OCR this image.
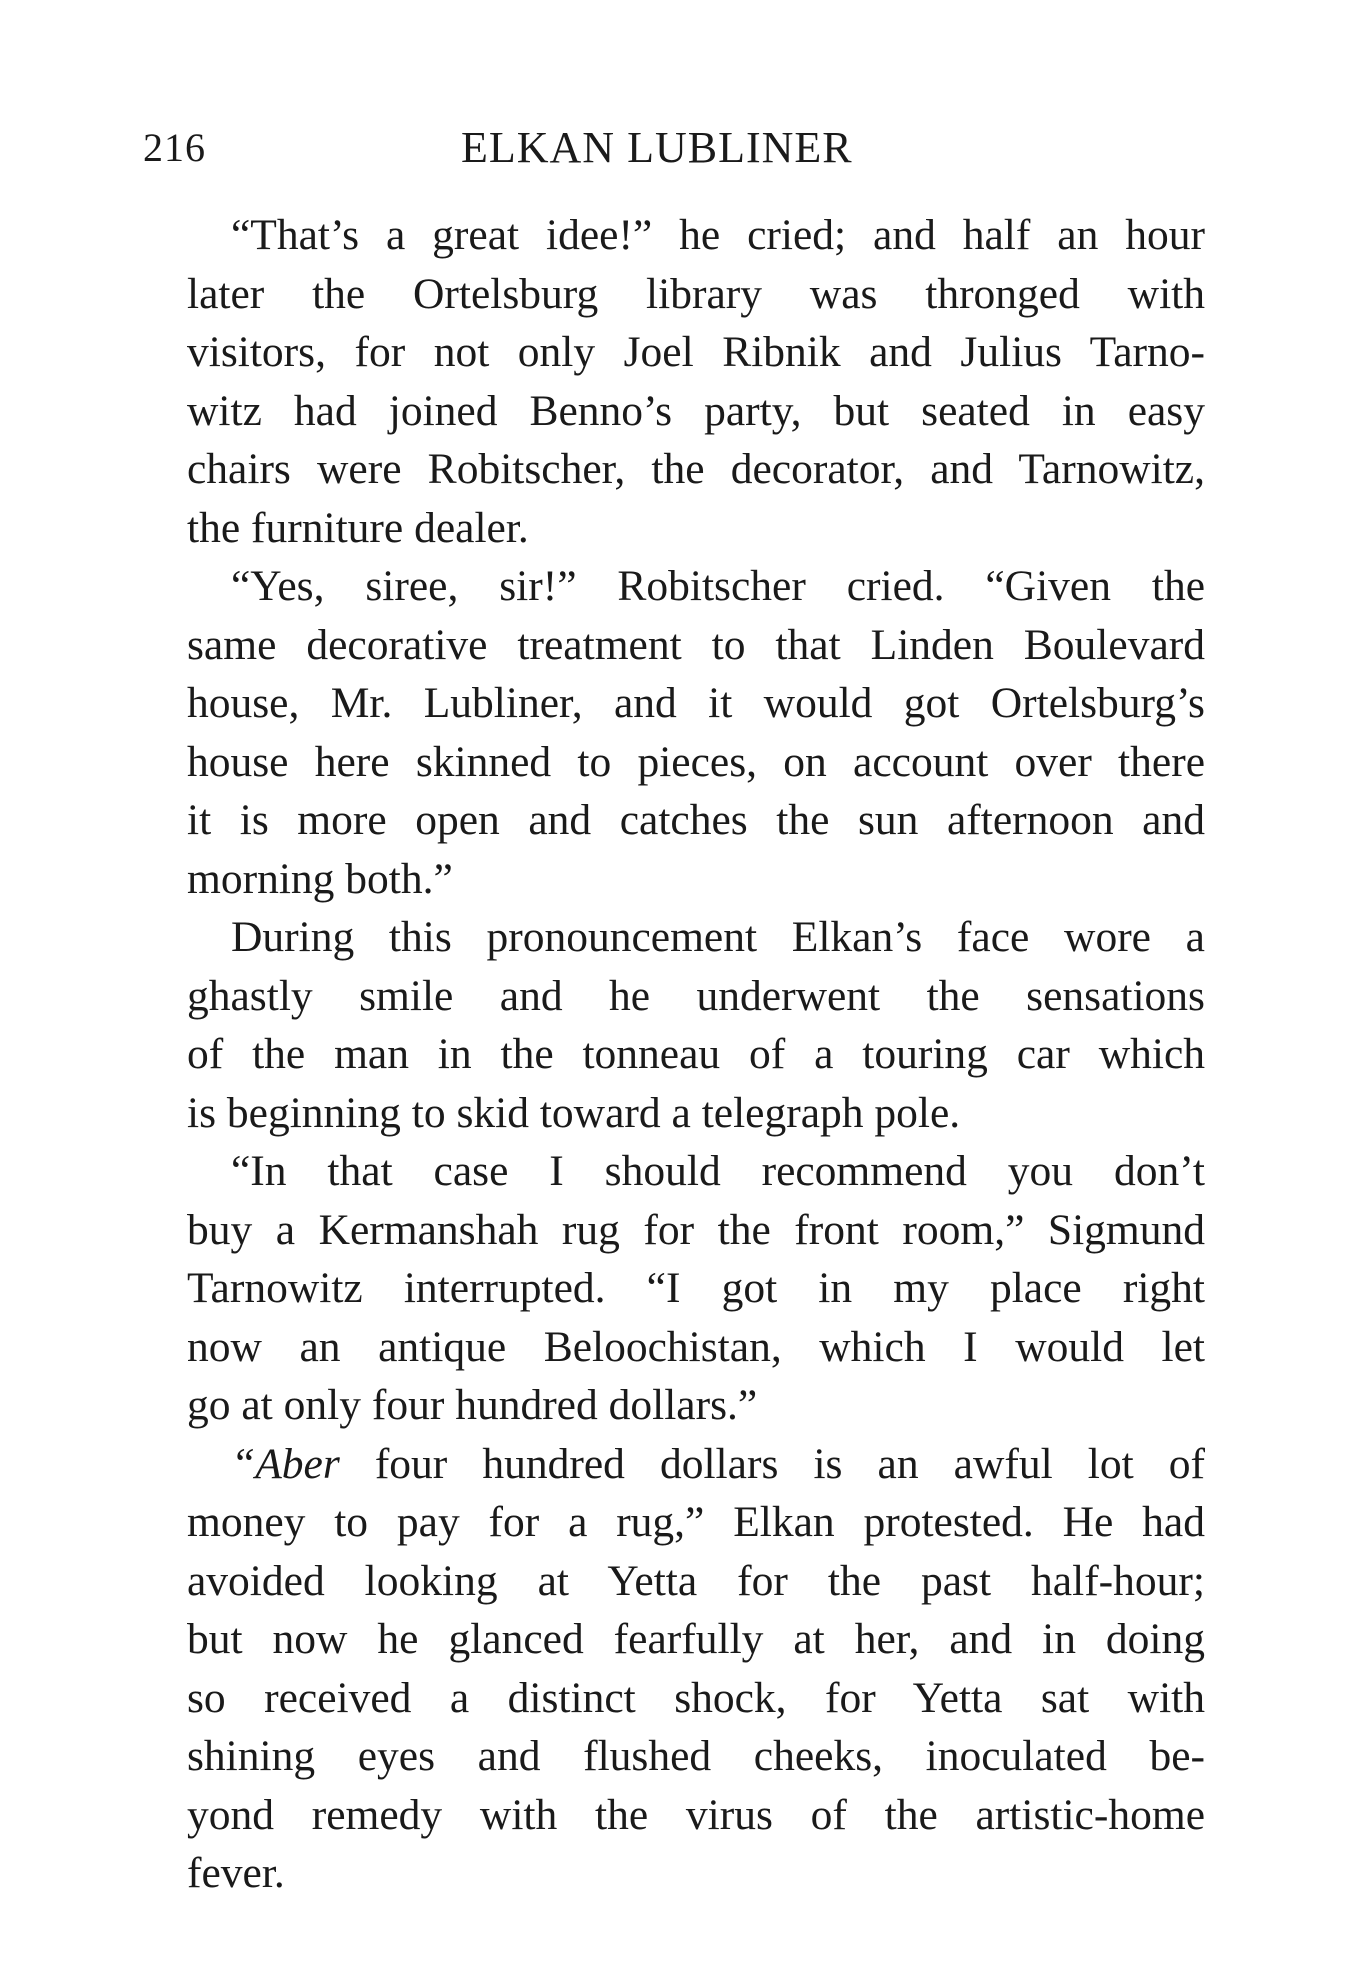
216	ELKAN LUBLINER

“That’s a great idee!” he cried; and half an hour
later the Ortelsburg library was thronged with
visitors, for not only Joel Ribnik and Julius Tarno-
witz had joined Benno’s party, but seated in easy
chairs were Robitscher, the decorator, and Tarnowitz,
the furniture dealer.

“Yes, siree, sir!” Robitscher cried. “Given the
same decorative treatment to that Linden Boulevard
house, Mr. Lubliner, and it would got Ortelsburg’s
house here skinned to pieces, on account over there
it is more open and catches the sun afternoon and
morning both.”

During this pronouncement Elkan’s face wore a
ghastly smile and he underwent the sensations
of the man in the tonneau of a touring car which
is beginning to skid toward a telegraph pole.

“In that case I should recommend you don’t
buy a Kermanshah rug for the front room,” Sigmund
Tarnowitz interrupted. “I got in my place right
now an antique Beloochistan, which I would let
go at only four hundred dollars.”

“Aber four hundred dollars is an awful lot of
money to pay for a rug,” Elkan protested. He had
avoided looking at Yetta for the past half-hour;
but now he glanced fearfully at her, and in doing
so received a distinct shock, for Yetta sat with
shining eyes and flushed cheeks, inoculated be-
yond remedy with the virus of the artistic-home
fever.
